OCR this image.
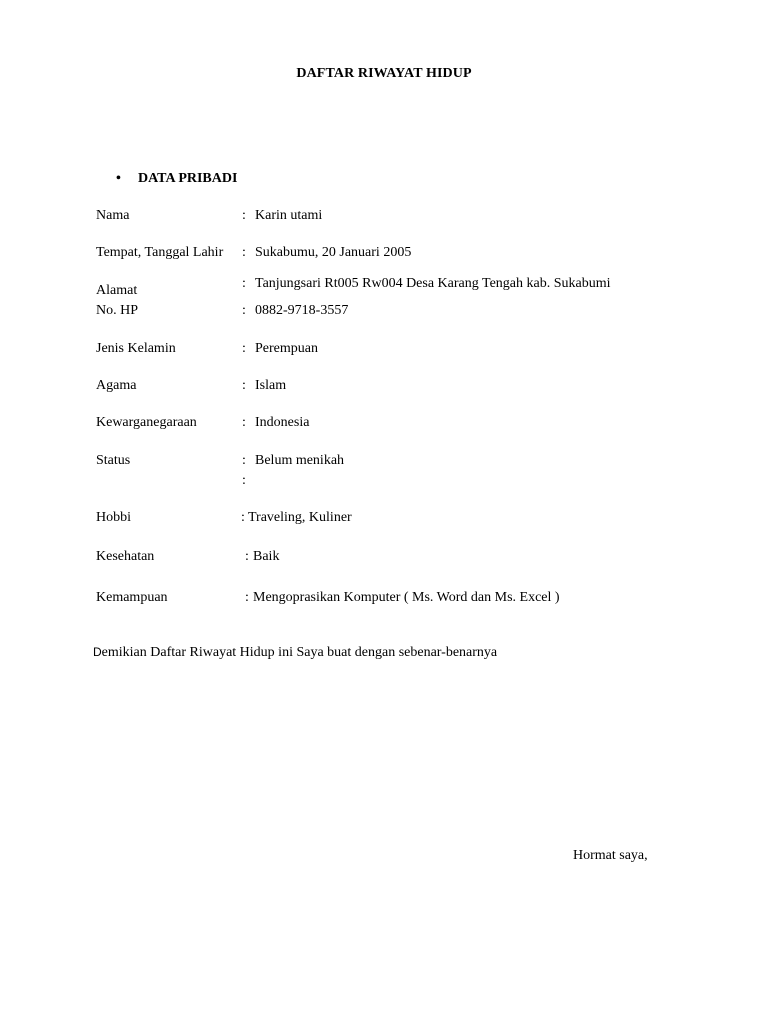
DAFTAR RIWAYAT HIDUP
• DATA PRIBADI
Nama	: Karin utami
Tempat, Tanggal Lahir : Sukabumu, 20 Januari 2005
Alamat	: Tanjungsari Rt005 Rw004 Desa Karang Tengah kab. Sukabumi
No. HP	: 0882-9718-3557
Jenis Kelamin	: Perempuan
Agama	: Islam
Kewarganegaraan	: Indonesia
Status	: Belum menikah
:
Hobbi	: Traveling, Kuliner
Kesehatan	: Baik
Kemampuan	: Mengoprasikan Komputer ( Ms. Word dan Ms. Excel )
Demikian Daftar Riwayat Hidup ini Saya buat dengan sebenar-benarnya
Hormat saya,
